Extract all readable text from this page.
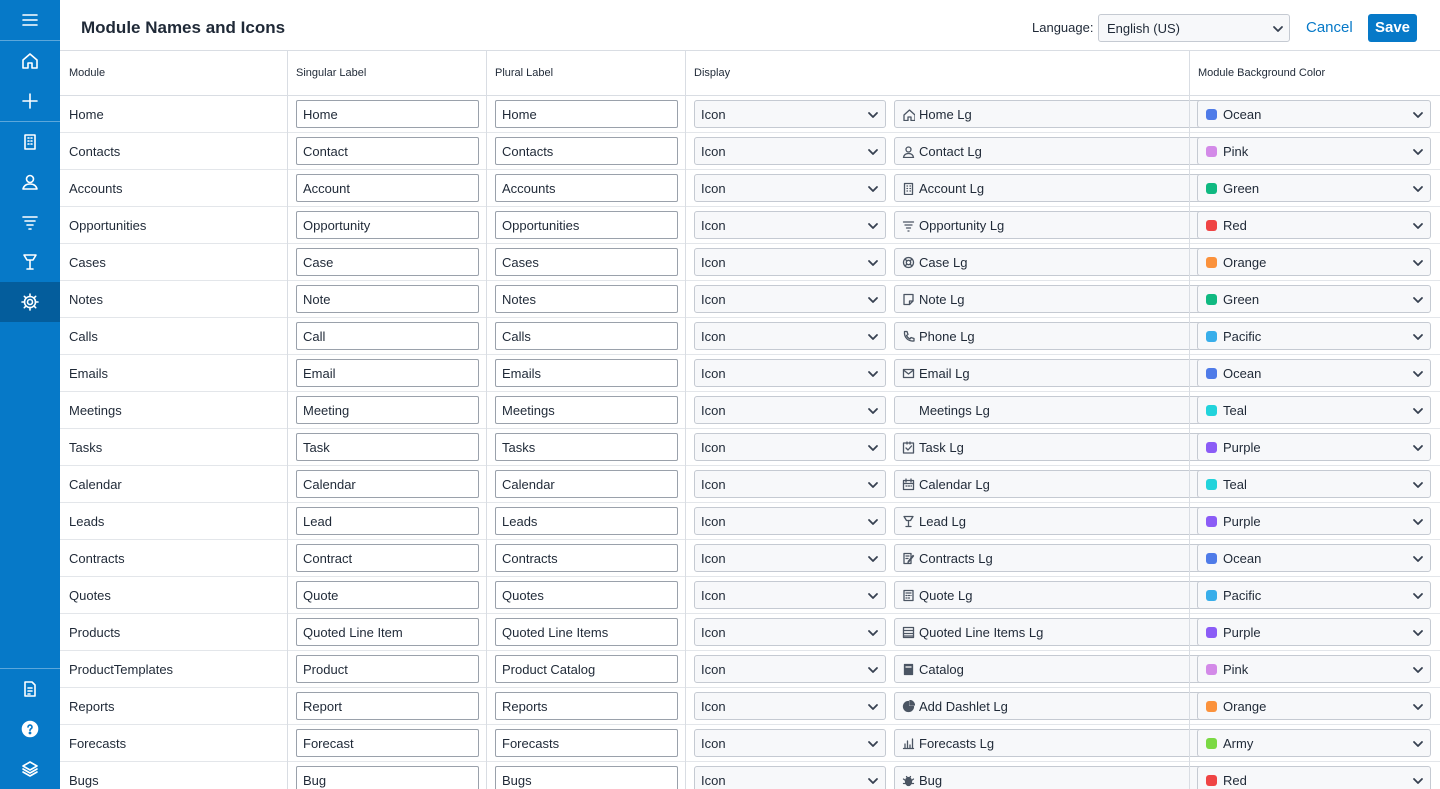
Module Names and Icons	Language: English (US)	Cancel	Save
Module	Singular Label	Plural Label	Display	Module Background Color
Home	Home	Home	Icon	Home Lg	Ocean
Contacts	Contact	Contacts	Icon	Contact Lg	Pink
Accounts	Account	Accounts	Icon	Account Lg	Green
Opportunities	Opportunity	Opportunities	Icon	Opportunity Lg	Red
Cases	Case	Cases	Icon	Case Lg	Orange
Notes	Note	Notes	Icon	Note Lg	Green
Calls	Call	Calls	Icon	Phone Lg	Pacific
Emails	Email	Emails	Icon	Email Lg	Ocean
Meetings	Meeting	Meetings	Icon	Meetings Lg	Teal
Tasks	Task	Tasks	Icon	Task Lg	Purple
Calendar	Calendar	Calendar	Icon	Calendar Lg	Teal
Leads	Lead	Leads	Icon	Lead Lg	Purple
Contracts	Contract	Contracts	Icon	Contracts Lg	Ocean
Quotes	Quote	Quotes	Icon	Quote Lg	Pacific
Products	Quoted Line Item	Quoted Line Items	Icon	Quoted Line Items Lg	Purple
ProductTemplates	Product	Product Catalog	Icon	Catalog	Pink
Reports	Report	Reports	Icon	Add Dashlet Lg	Orange
Forecasts	Forecast	Forecasts	Icon	Forecasts Lg	Army
Bugs	Bug	Bugs	Icon	Bug	Red
